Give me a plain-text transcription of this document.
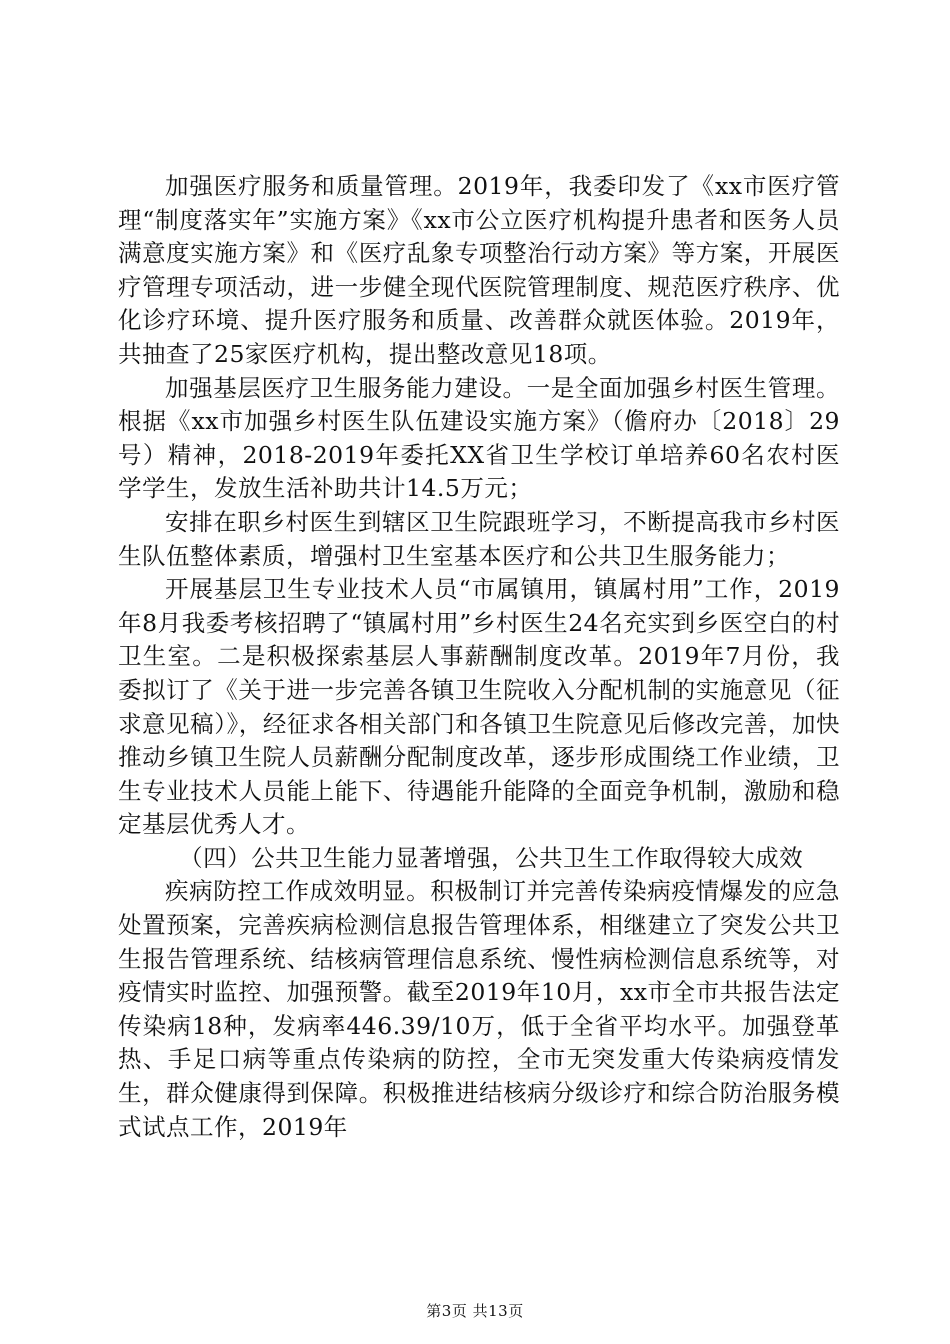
加强医疗服务和质量管理。2019年，我委印发了《xx市医疗管理“制度落实年”实施方案》《xx市公立医疗机构提升患者和医务人员满意度实施方案》和《医疗乱象专项整治行动方案》等方案，开展医疗管理专项活动，进一步健全现代医院管理制度、规范医疗秩序、优化诊疗环境、提升医疗服务和质量、改善群众就医体验。2019年，共抽查了25家医疗机构，提出整改意见18项。

加强基层医疗卫生服务能力建设。一是全面加强乡村医生管理。根据《xx市加强乡村医生队伍建设实施方案》（儋府办〔2018〕29号）精神，2018-2019年委托XX省卫生学校订单培养60名农村医学学生，发放生活补助共计14.5万元；

安排在职乡村医生到辖区卫生院跟班学习，不断提高我市乡村医生队伍整体素质，增强村卫生室基本医疗和公共卫生服务能力；

开展基层卫生专业技术人员“市属镇用，镇属村用”工作，2019年8月我委考核招聘了“镇属村用”乡村医生24名充实到乡医空白的村卫生室。二是积极探索基层人事薪酬制度改革。2019年7月份，我委拟订了《关于进一步完善各镇卫生院收入分配机制的实施意见（征求意见稿）》，经征求各相关部门和各镇卫生院意见后修改完善，加快推动乡镇卫生院人员薪酬分配制度改革，逐步形成围绕工作业绩，卫生专业技术人员能上能下、待遇能升能降的全面竞争机制，激励和稳定基层优秀人才。

（四）公共卫生能力显著增强，公共卫生工作取得较大成效

疾病防控工作成效明显。积极制订并完善传染病疫情爆发的应急处置预案，完善疾病检测信息报告管理体系，相继建立了突发公共卫生报告管理系统、结核病管理信息系统、慢性病检测信息系统等，对疫情实时监控、加强预警。截至2019年10月，xx市全市共报告法定传染病18种，发病率446.39/10万，低于全省平均水平。加强登革热、手足口病等重点传染病的防控，全市无突发重大传染病疫情发生，群众健康得到保障。积极推进结核病分级诊疗和综合防治服务模式试点工作，2019年

第3页 共13页
